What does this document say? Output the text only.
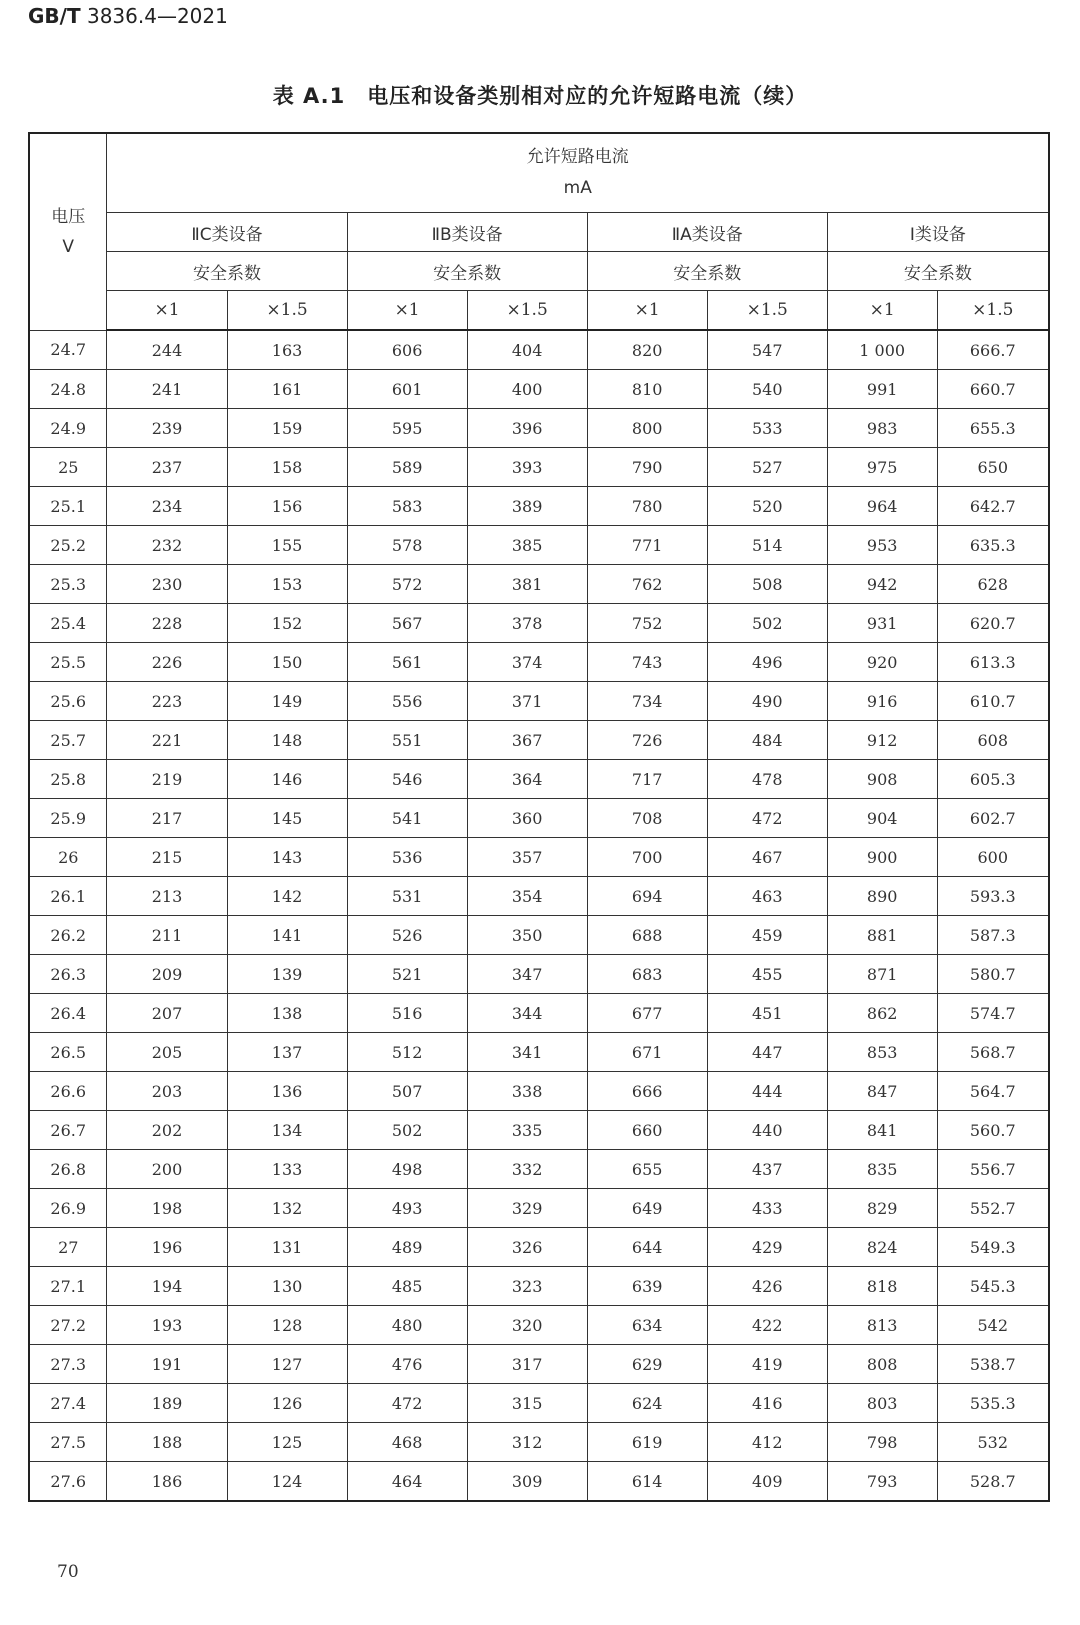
GB/T 3836.4—2021
表 A.1 电压和设备类别相对应的允许短路电流（续）
电压
V	允许短路电流
mA							
	ⅡC类设备		ⅡB类设备		ⅡA类设备		Ⅰ类设备	
	安全系数		安全系数		安全系数		安全系数	
	×1	×1.5	×1	×1.5	×1	×1.5	×1	×1.5
24.7	244	163	606	404	820	547	1 000	666.7
24.8	241	161	601	400	810	540	991	660.7
24.9	239	159	595	396	800	533	983	655.3
25	237	158	589	393	790	527	975	650
25.1	234	156	583	389	780	520	964	642.7
25.2	232	155	578	385	771	514	953	635.3
25.3	230	153	572	381	762	508	942	628
25.4	228	152	567	378	752	502	931	620.7
25.5	226	150	561	374	743	496	920	613.3
25.6	223	149	556	371	734	490	916	610.7
25.7	221	148	551	367	726	484	912	608
25.8	219	146	546	364	717	478	908	605.3
25.9	217	145	541	360	708	472	904	602.7
26	215	143	536	357	700	467	900	600
26.1	213	142	531	354	694	463	890	593.3
26.2	211	141	526	350	688	459	881	587.3
26.3	209	139	521	347	683	455	871	580.7
26.4	207	138	516	344	677	451	862	574.7
26.5	205	137	512	341	671	447	853	568.7
26.6	203	136	507	338	666	444	847	564.7
26.7	202	134	502	335	660	440	841	560.7
26.8	200	133	498	332	655	437	835	556.7
26.9	198	132	493	329	649	433	829	552.7
27	196	131	489	326	644	429	824	549.3
27.1	194	130	485	323	639	426	818	545.3
27.2	193	128	480	320	634	422	813	542
27.3	191	127	476	317	629	419	808	538.7
27.4	189	126	472	315	624	416	803	535.3
27.5	188	125	468	312	619	412	798	532
27.6	186	124	464	309	614	409	793	528.7
70
